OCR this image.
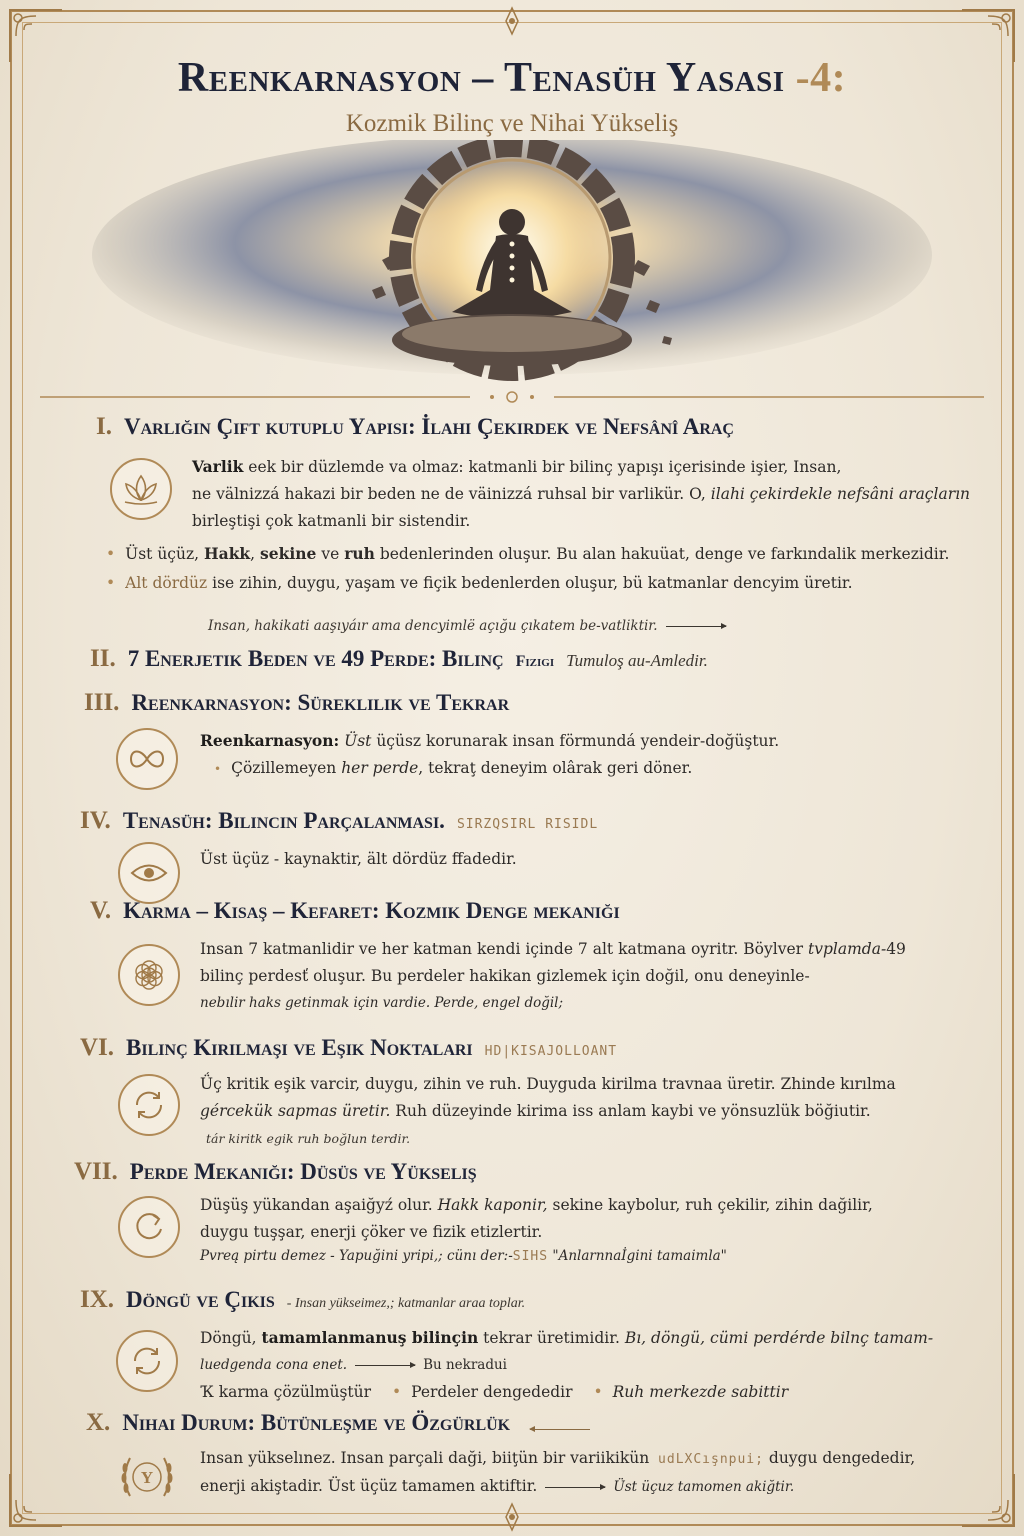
Reenkarnasyon – Tenasüh Yasası -4:
Kozmik Bilinç ve Nihai Yükseliş
I. Varlığın Çift kutuplu Yapısı: İlahi Çekirdek ve Nefsânî Araç
Varlik eek bir düzlemde va olmaz: katmanli bir bilinç yapışı içerisinde işier, Insan,
ne välnizzá hakazi bir beden ne de väinizzá ruhsal bir varlikür. O, ilahi çekirdekle nefsâni araçların
birleştişi çok katmanli bir sistendir.
• Üst üçüz, Hakk, sekine ve ruh bedenlerinden oluşur. Bu alan hakuüat, denge ve farkındalik merkezidir.
• Alt dördüz ise zihin, duygu, yaşam ve fiçik bedenlerden oluşur, bü katmanlar dencyim üretir.
Insan, hakikati aaşıyáır ama dencyimlë açığu çıkatem be-vatliktir.
II. 7 Enerjetik Beden ve 49 Perde: Bilinç Fizigi Tumuloş au-Amledir.
III. Reenkarnasyon: Süreklilik ve Tekrar
Reenkarnasyon: Üst üçüsz korunarak insan förmundá yendeir-doğüştur.
• Çözillemeyen her perde, tekraţ deneyim olârak geri döner.
IV. Tenasüh: Bilincin Parçalanması. SIRZQSIRL RISIDL
Üst üçüz - kaynaktir, ält dördüz ffadedir.
V. Karma – Kısaş – Kefaret: Kozmik Denge mekaniği
Insan 7 katmanlidir ve her katman kendi içinde 7 alt katmana oyritr. Böylver tvplamda-49
bilinç perdesť oluşur. Bu perdeler hakikan gizlemek için doğil, onu deneyinle-
nebılir haks getinmak için vardie. Perde, engel doğil;
VI. Bilinç Kırılmaşı ve Eşik Noktaları HD|KISAJOLLOANT
Ǘç kritik eşik varcir, duygu, zihin ve ruh. Duyguda kirilma travnaa üretir. Zhinde kırılma
gércekük sapmas üretir. Ruh düzeyinde kirima iss anlam kaybi ve yönsuzlük böğiutir.
tár kiritk egik ruh boğlun terdir.
VII. Perde Mekaniği: Düsüs ve Yükseliş
Düşüş yükandan aşaiğyź olur. Hakk kaponir, sekine kaybolur, ruh çekilir, zihin dağilir,
duygu tuşşar, enerji çöker ve fizik etizlertir.
Pvreą pirtu demez - Yapuğini yripi,; cünı der:-SIHS "Anlarnnaİgini tamaimla"
IX. Döngü ve Çikis - Insan yükseimez,; katmanlar araa toplar.
Döngü, tamamlanmanuş bilinçin tekrar üretimidir. Bı, döngü, cümi perdérde bilnç tamam-
luedgenda cona enet.	Bu nekradui
Ҡ karma çözülmüştür • Perdeler dengededir • Ruh merkezde sabittir
X. Nihai Durum: Bütünleşme ve Özgürlük
Y
Insan yükselınez. Insan parçali daği, biiţün bir variikikün udLXCışnpui; duygu dengededir,
enerji akiştadir. Üst üçüz tamamen aktiftir.	Üst üçuz tamomen akiğtir.
